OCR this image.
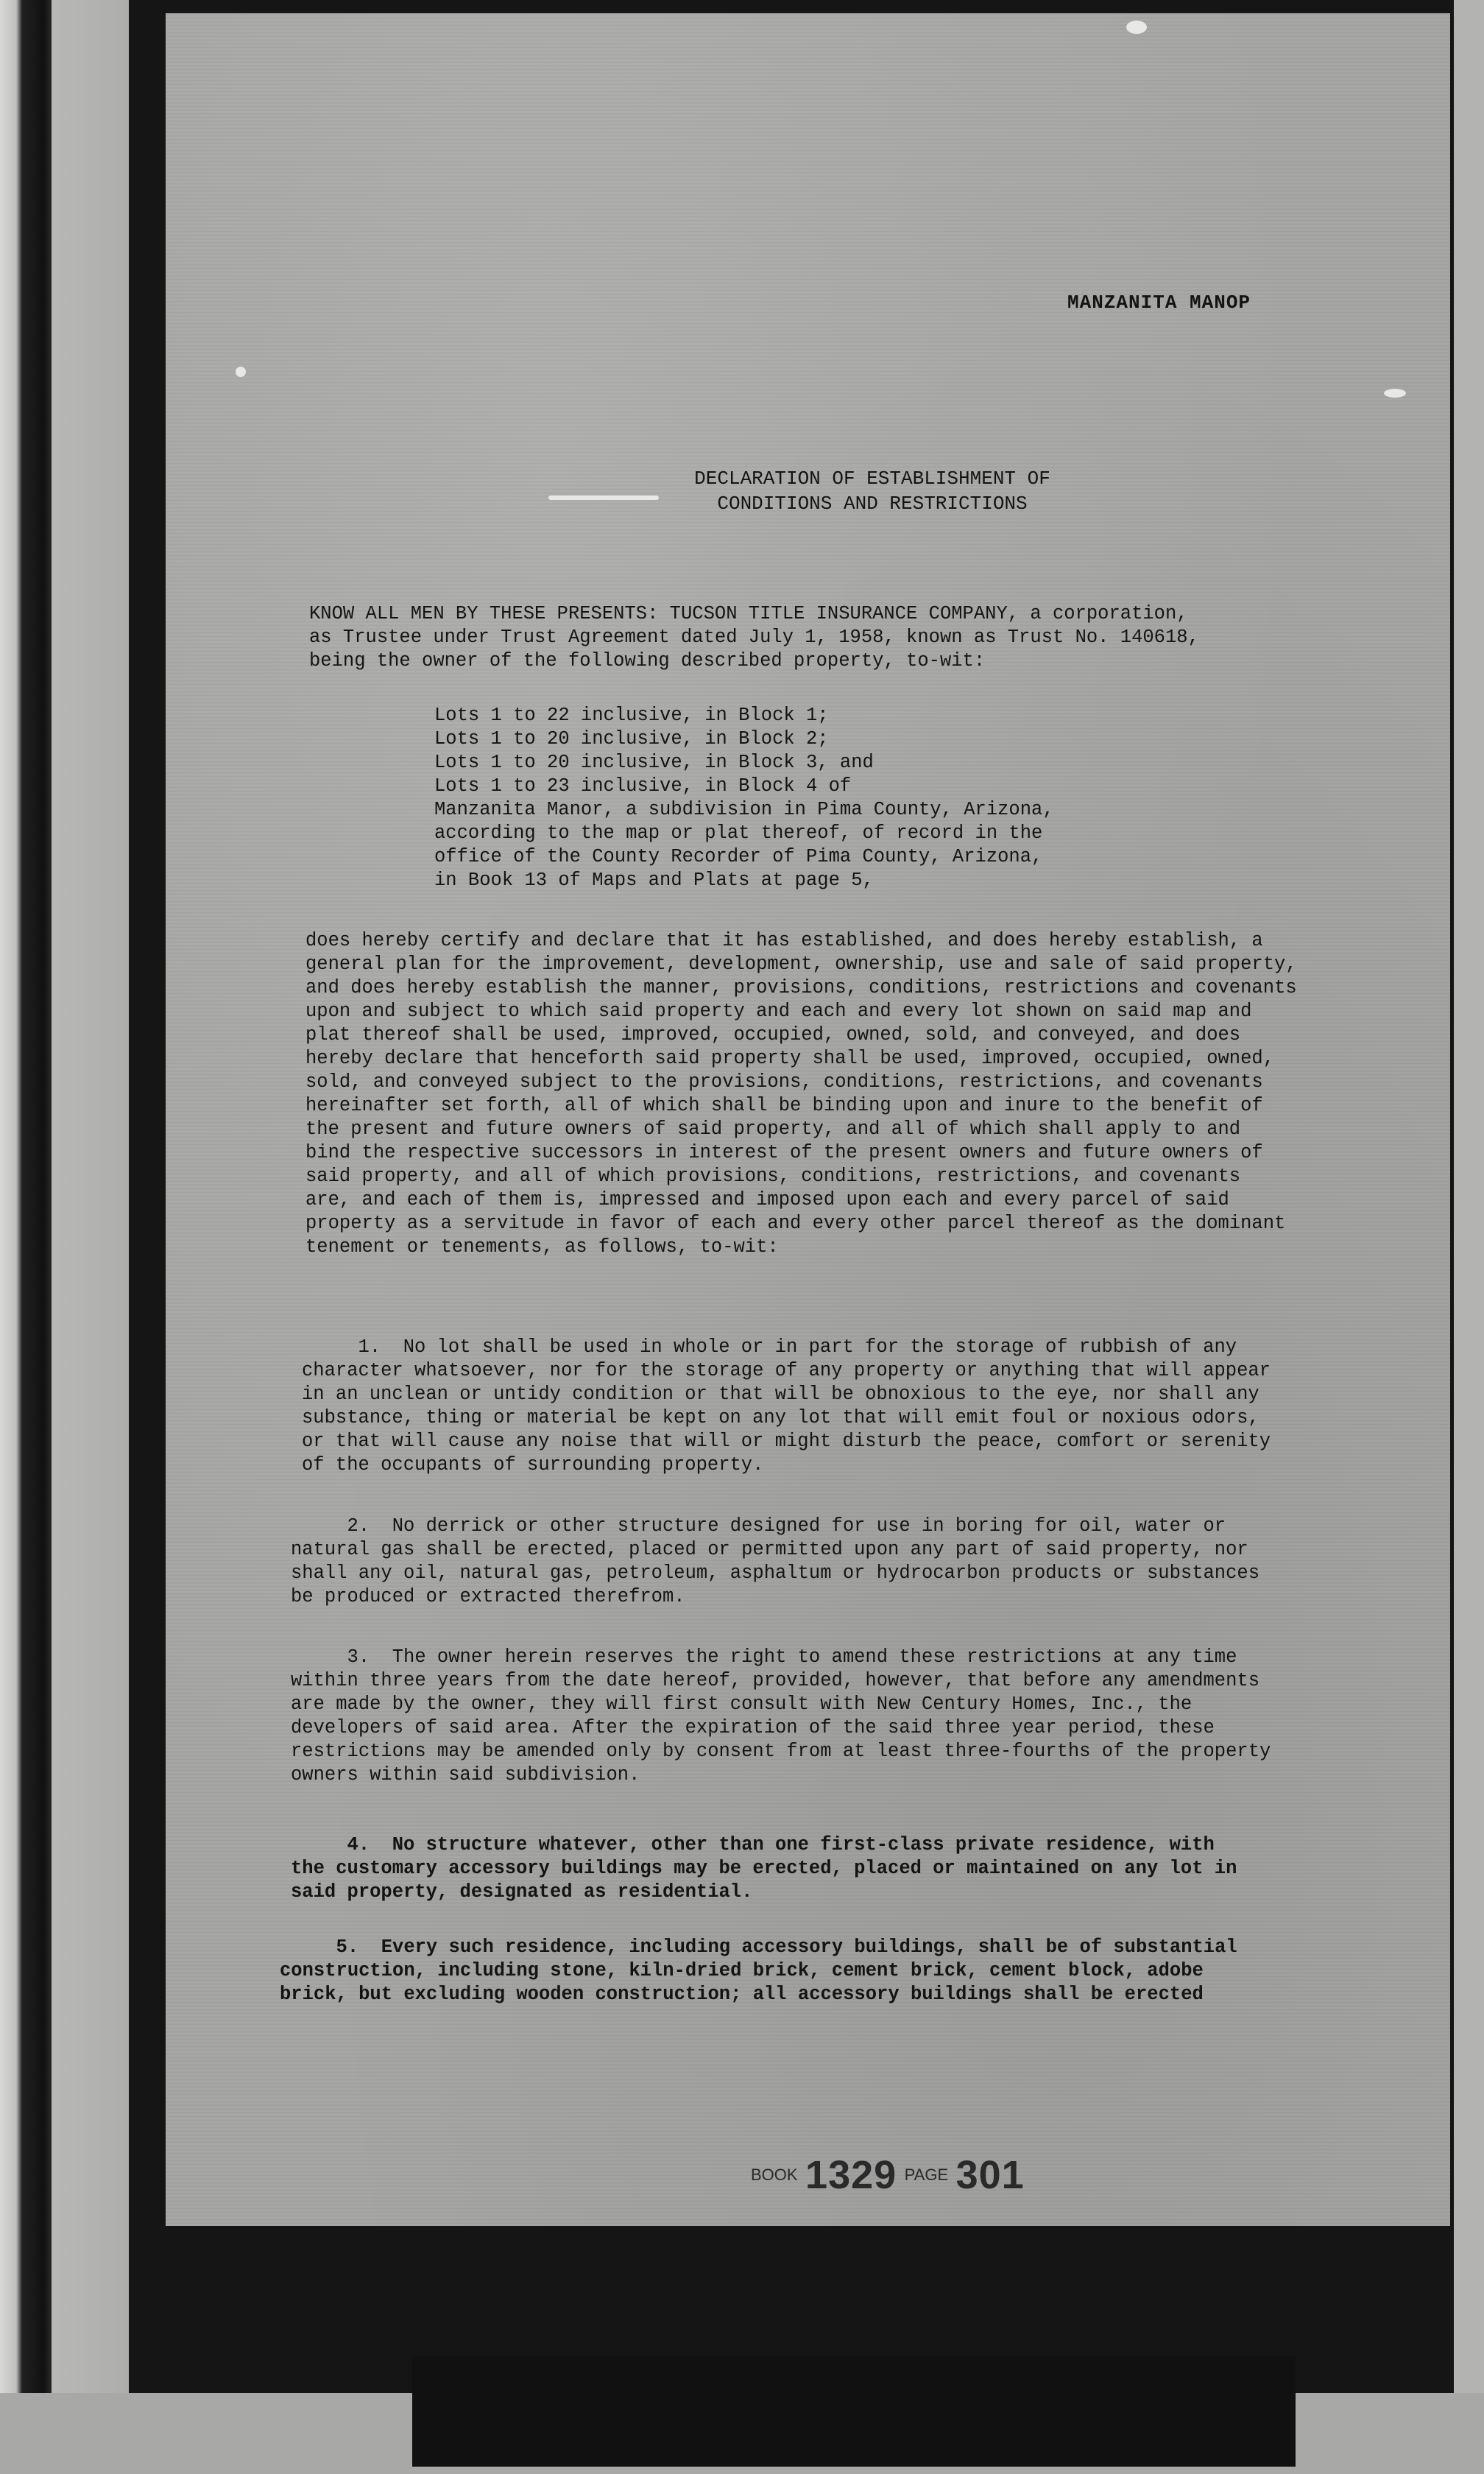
MANZANITA MANOP
DECLARATION OF ESTABLISHMENT OF
CONDITIONS AND RESTRICTIONS
KNOW ALL MEN BY THESE PRESENTS: TUCSON TITLE INSURANCE COMPANY, a corporation,
as Trustee under Trust Agreement dated July 1, 1958, known as Trust No. 140618,
being the owner of the following described property, to-wit:
Lots 1 to 22 inclusive, in Block 1;
Lots 1 to 20 inclusive, in Block 2;
Lots 1 to 20 inclusive, in Block 3, and
Lots 1 to 23 inclusive, in Block 4 of
Manzanita Manor, a subdivision in Pima County, Arizona,
according to the map or plat thereof, of record in the
office of the County Recorder of Pima County, Arizona,
in Book 13 of Maps and Plats at page 5,
does hereby certify and declare that it has established, and does hereby establish, a
general plan for the improvement, development, ownership, use and sale of said property,
and does hereby establish the manner, provisions, conditions, restrictions and covenants
upon and subject to which said property and each and every lot shown on said map and
plat thereof shall be used, improved, occupied, owned, sold, and conveyed, and does
hereby declare that henceforth said property shall be used, improved, occupied, owned,
sold, and conveyed subject to the provisions, conditions, restrictions, and covenants
hereinafter set forth, all of which shall be binding upon and inure to the benefit of
the present and future owners of said property, and all of which shall apply to and
bind the respective successors in interest of the present owners and future owners of
said property, and all of which provisions, conditions, restrictions, and covenants
are, and each of them is, impressed and imposed upon each and every parcel of said
property as a servitude in favor of each and every other parcel thereof as the dominant
tenement or tenements, as follows, to-wit:
1.  No lot shall be used in whole or in part for the storage of rubbish of any
character whatsoever, nor for the storage of any property or anything that will appear
in an unclean or untidy condition or that will be obnoxious to the eye, nor shall any
substance, thing or material be kept on any lot that will emit foul or noxious odors,
or that will cause any noise that will or might disturb the peace, comfort or serenity
of the occupants of surrounding property.
2.  No derrick or other structure designed for use in boring for oil, water or
natural gas shall be erected, placed or permitted upon any part of said property, nor
shall any oil, natural gas, petroleum, asphaltum or hydrocarbon products or substances
be produced or extracted therefrom.
3.  The owner herein reserves the right to amend these restrictions at any time
within three years from the date hereof, provided, however, that before any amendments
are made by the owner, they will first consult with New Century Homes, Inc., the
developers of said area. After the expiration of the said three year period, these
restrictions may be amended only by consent from at least three-fourths of the property
owners within said subdivision.
4.  No structure whatever, other than one first-class private residence, with
the customary accessory buildings may be erected, placed or maintained on any lot in
said property, designated as residential.
5.  Every such residence, including accessory buildings, shall be of substantial
construction, including stone, kiln-dried brick, cement brick, cement block, adobe
brick, but excluding wooden construction; all accessory buildings shall be erected
BOOK 1329 PAGE 301
